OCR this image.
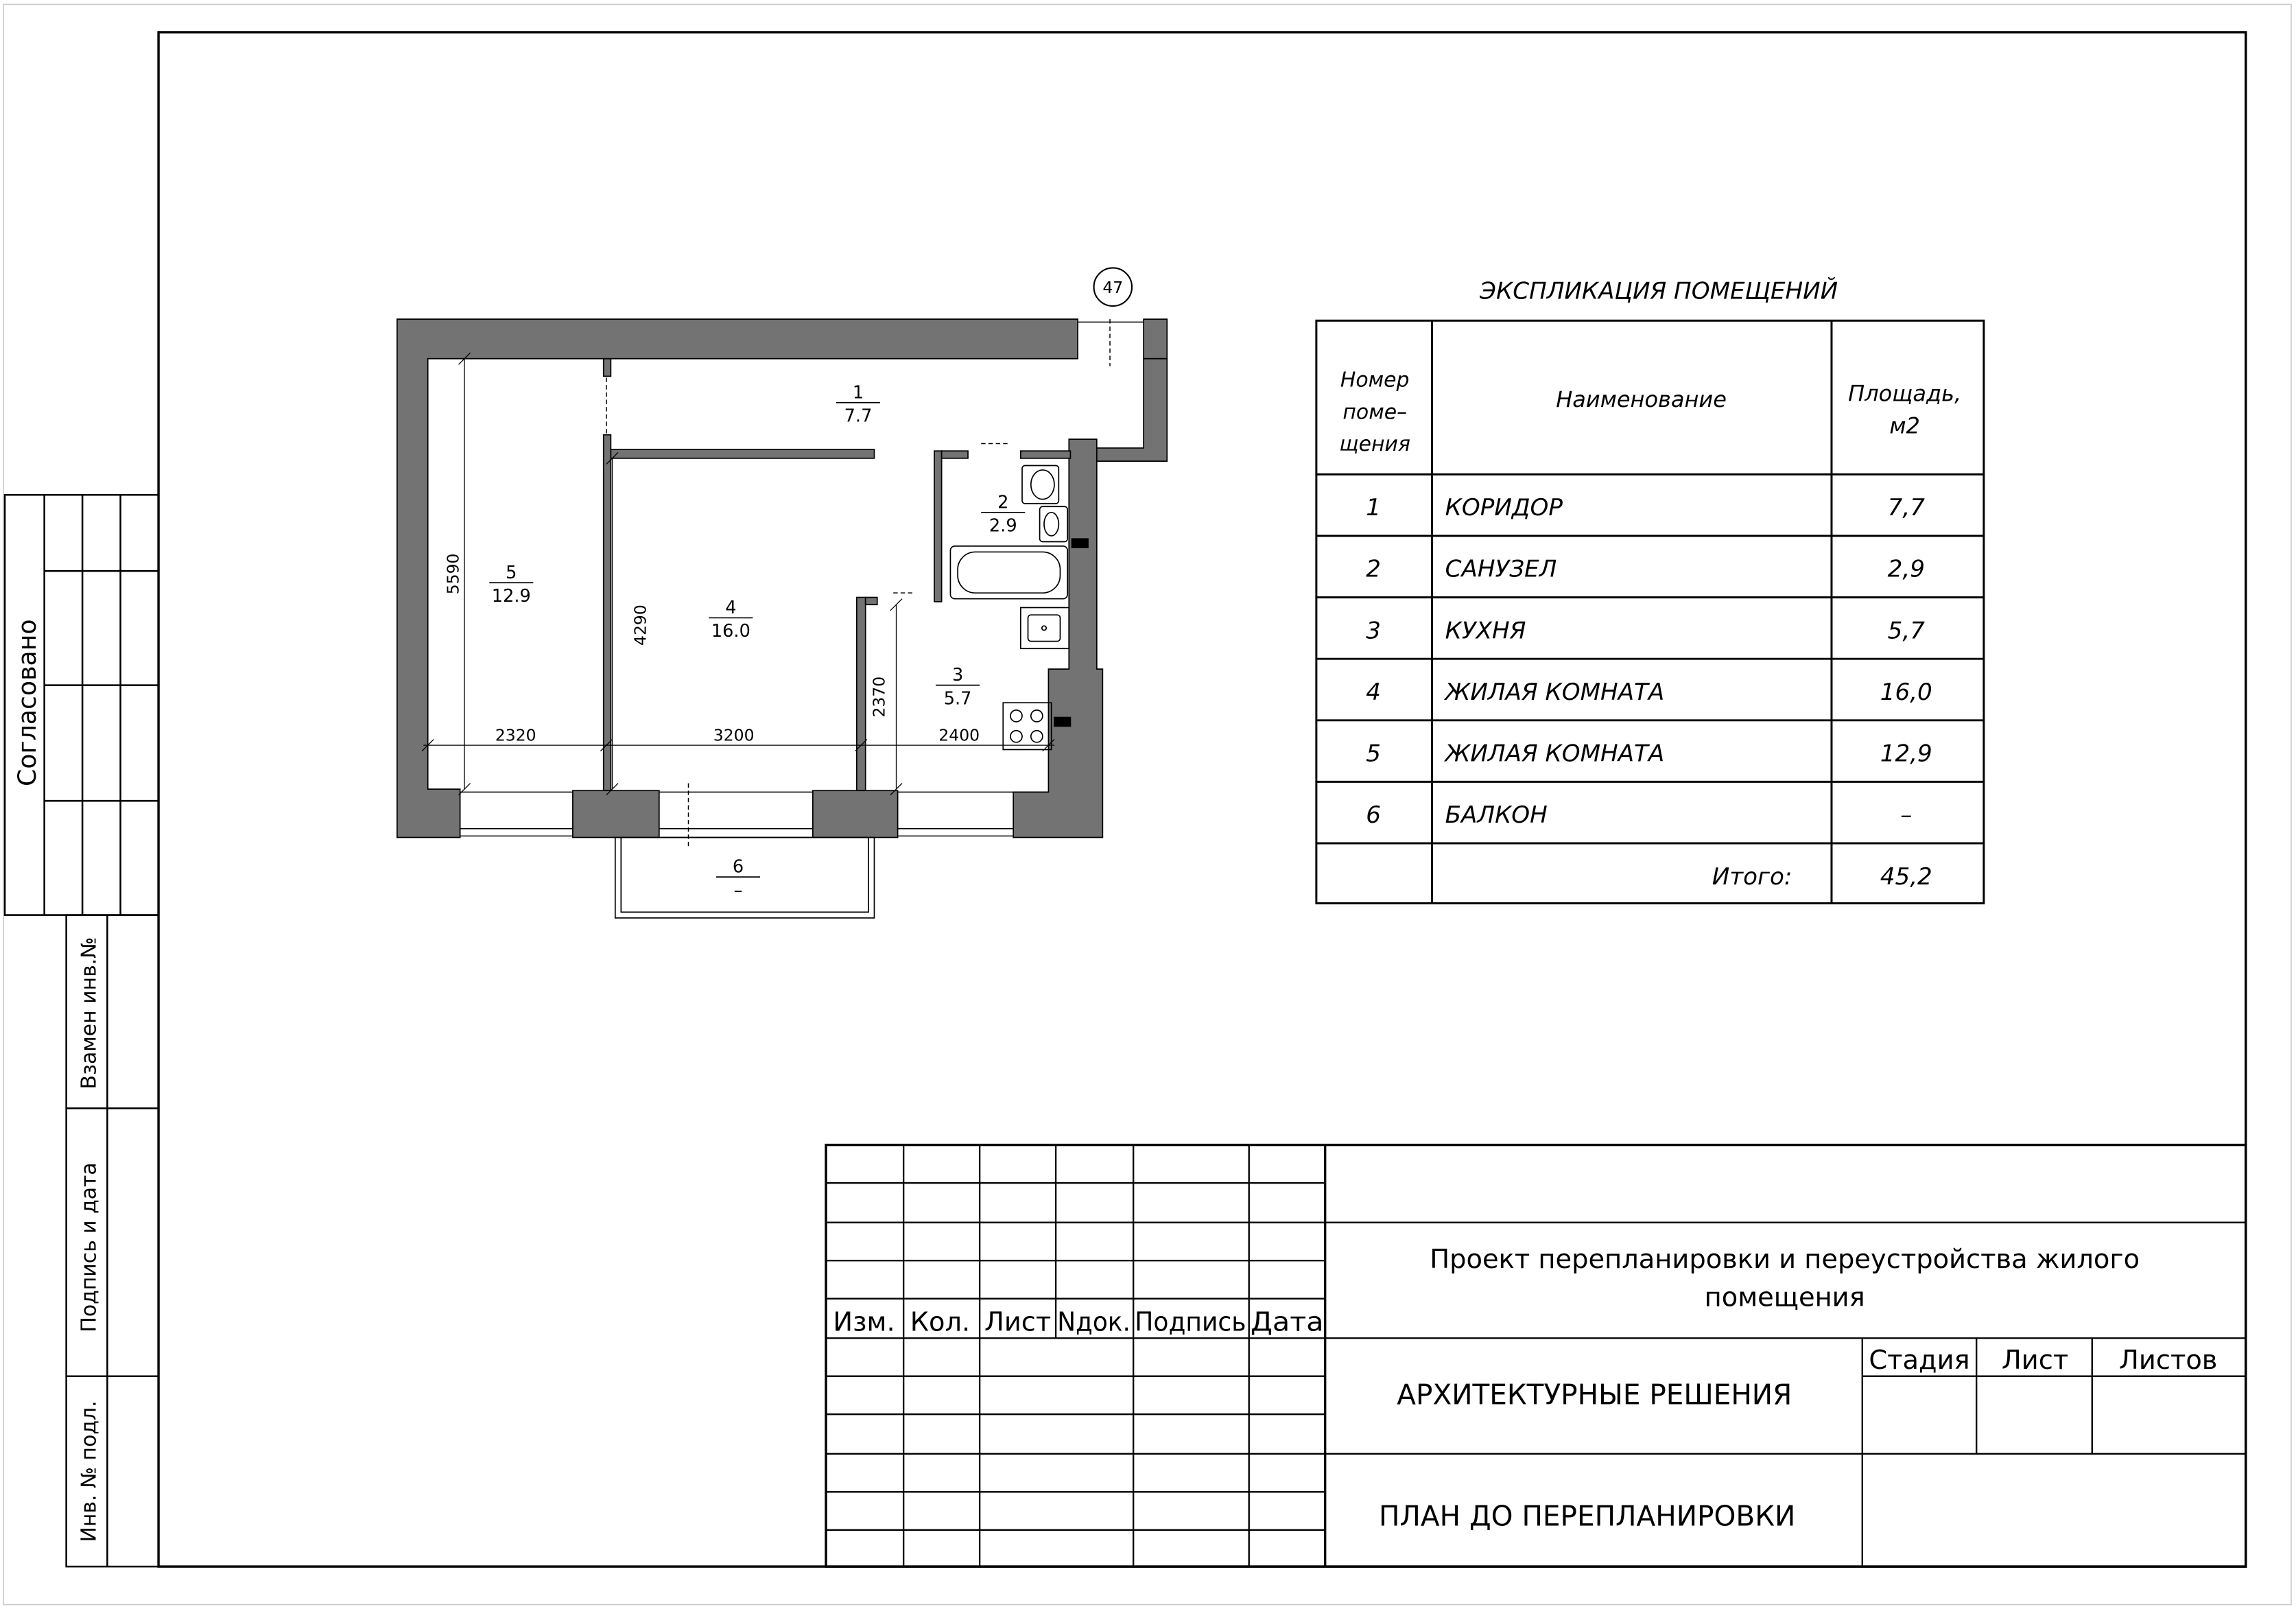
Согласовано
Взамен инв.№
Подпись и дата
Инв. № подл.
5590
4290
2370
2320	3200	2400
47
1
7.7
2
2.9
3
5.7
4
16.0
5
12.9
6
–
ЭКСПЛИКАЦИЯ ПОМЕЩЕНИЙ
Номер
поме–
щения
Наименование	Площадь,
м2
1	КОРИДОР	7,7
2	САНУЗЕЛ	2,9
3	КУХНЯ	5,7
4	ЖИЛАЯ КОМНАТА	16,0
5	ЖИЛАЯ КОМНАТА	12,9
6	БАЛКОН	–
Итого:	45,2
Изм. Кол. Лист Nдок. Подпись Дата
Проект перепланировки и переустройства жилого
помещения
Стадия	Лист	Листов
АРХИТЕКТУРНЫЕ РЕШЕНИЯ
ПЛАН ДО ПЕРЕПЛАНИРОВКИ
